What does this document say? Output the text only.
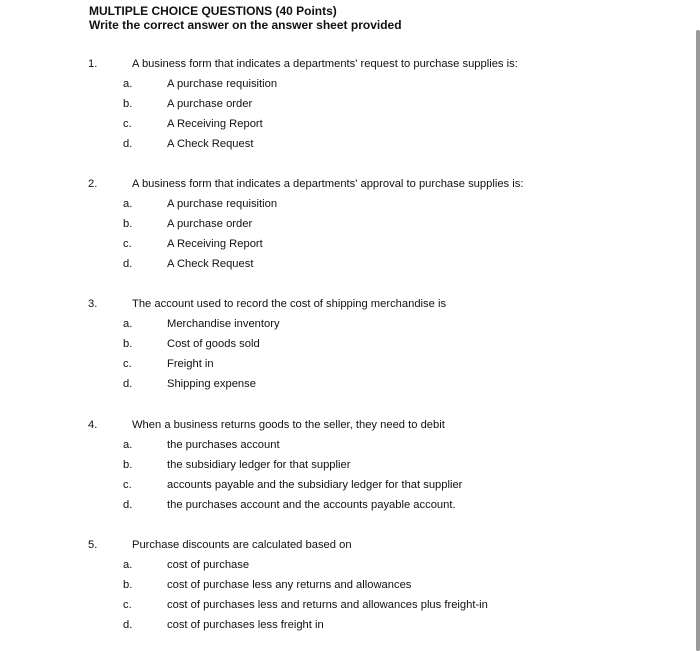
MULTIPLE CHOICE QUESTIONS (40 Points)
Write the correct answer on the answer sheet provided
1.	A business form that indicates a departments' request to purchase supplies is:
a.	A purchase requisition
b.	A purchase order
c.	A Receiving Report
d.	A Check Request
2.	A business form that indicates a departments' approval to purchase supplies is:
a.	A purchase requisition
b.	A purchase order
c.	A Receiving Report
d.	A Check Request
3.	The account used to record the cost of shipping merchandise is
a.	Merchandise inventory
b.	Cost of goods sold
c.	Freight in
d.	Shipping expense
4.	When a business returns goods to the seller, they need to debit
a.	the purchases account
b.	the subsidiary ledger for that supplier
c.	accounts payable and the subsidiary ledger for that supplier
d.	the purchases account and the accounts payable account.
5.	Purchase discounts are calculated based on
a.	cost of purchase
b.	cost of purchase less any returns and allowances
c.	cost of purchases less and returns and allowances plus freight-in
d.	cost of purchases less freight in
